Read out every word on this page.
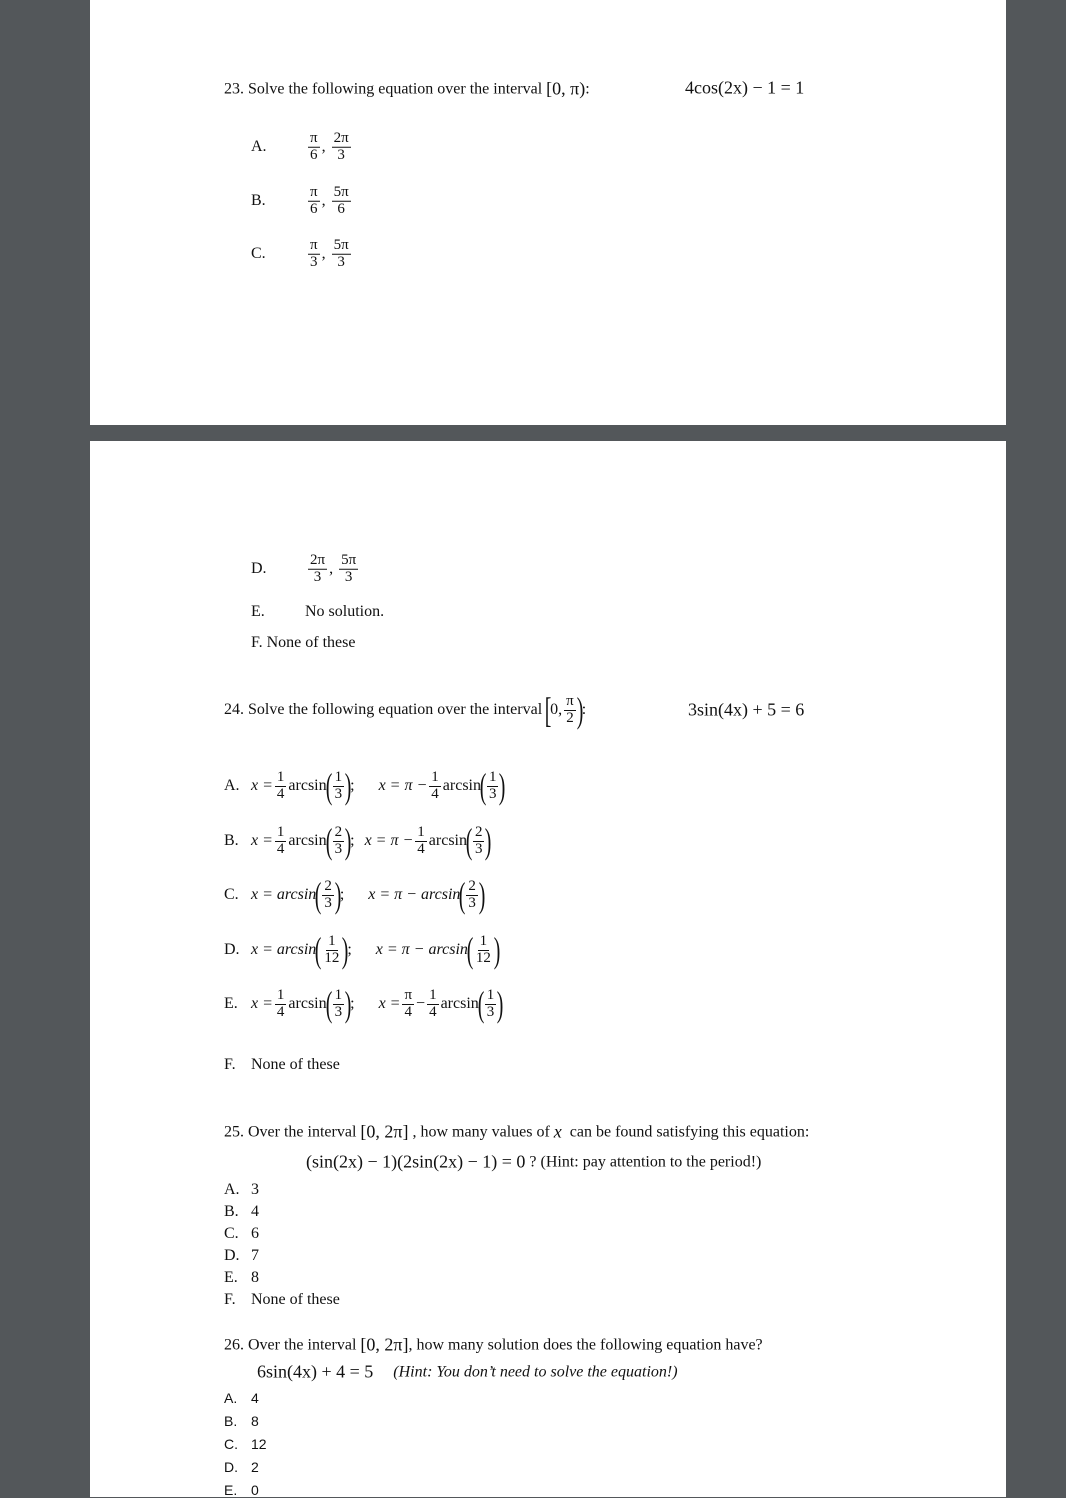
23.
Solve the following equation over the interval
[0, π) :	4cos(2x) − 1 = 1
A.	$\frac{\pi}{6}$ , $\frac{2\pi}{3}$
B.	$\frac{\pi}{6}$ , $\frac{5\pi}{6}$
C.	$\frac{\pi}{3}$ , $\frac{5\pi}{3}$
D.	$\frac{2\pi}{3}$ , $\frac{5\pi}{3}$
E.	No solution.
F. None of these
24.
Solve the following equation over the interval
[
0, $\frac{\pi}{2}$ )
:	3sin(4x) + 5 = 6
A. $x = \frac{1}{4}$ arcsin
( $\frac{1}{3}$ )
; $x = \pi - \frac{1}{4}$ arcsin
( $\frac{1}{3}$ )
B. $x = \frac{1}{4}$ arcsin
( $\frac{2}{3}$ )
; $x = \pi - \frac{1}{4}$ arcsin
( $\frac{2}{3}$ )
C. x = arcsin
( $\frac{2}{3}$ )
; x = π − arcsin
( $\frac{2}{3}$ )
D. x = arcsin
( $\frac{1}{12}$ )
; x = π − arcsin
( $\frac{1}{12}$ )
E. $x = \frac{1}{4}$ arcsin
( $\frac{1}{3}$ )
; $x = \frac{\pi}{4} - \frac{1}{4}$ arcsin
( $\frac{1}{3}$ )
F. None of these
25.
Over the interval
[0, 2π]
, how many values of
x
can be found satisfying this equation:
(sin(2x) − 1)(2sin(2x) − 1) = 0
? (Hint: pay attention to the period!)
A. 3
B. 4
C. 6
D. 7
E. 8
F. None of these
26.
Over the interval
[0, 2π] , how many solution does the following equation have?
6sin(4x) + 4 = 5 (Hint: You don’t need to solve the equation!)
A. 4
B. 8
C. 12
D. 2
E. 0
